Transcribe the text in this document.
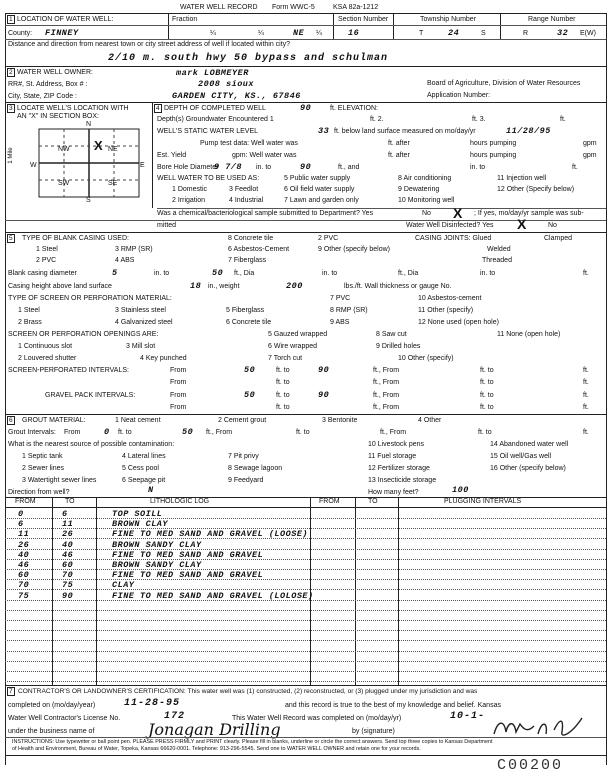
WATER WELL RECORD Form WWC-5	KSA 82a-1212
1 LOCATION OF WATER WELL:	Fraction	Section Number	Township Number	Range Number
County: FINNEY	¼	¼	NE ¼	16	T	24	S	R	32 E(W)
Distance and direction from nearest town or city street address of well if located within city?
2/10 m. south hwy 50 bypass and schulman
2 WATER WELL OWNER:	mark LOBMEYER
RR#, St. Address, Box # :	2008 sioux	Board of Agriculture, Division of Water Resources
City, State, ZIP Code :	GARDEN CITY, KS., 67846	Application Number:
3 LOCATE WELL'S LOCATION WITH
AN "X" IN SECTION BOX:
N
S
W	E
1 Mile	NW	NE
SW	SE
X
4 DEPTH OF COMPLETED WELL	90	ft. ELEVATION:
Depth(s) Groundwater Encountered 1	ft. 2.	ft. 3.	ft.
WELL'S STATIC WATER LEVEL	33 ft. below land surface measured on mo/day/yr	11/28/95
Pump test data: Well water was	ft. after	hours pumping	gpm
Est. Yield	gpm: Well water was	ft. after	hours pumping	gpm
Bore Hole Diameter
9 7/8 in. to	90	ft., and	in. to	ft.
WELL WATER TO BE USED AS:	5 Public water supply	8 Air conditioning	11 Injection well
1 Domestic	3 Feedlot	6 Oil field water supply	9 Dewatering	12 Other (Specify below)
2 Irrigation	4 Industrial	7 Lawn and garden only	10 Monitoring well
Was a chemical/bacteriological sample submitted to Department? Yes	No X ; If yes, mo/day/yr sample was sub-
mitted	Water Well Disinfected? Yes X	No
5 TYPE OF BLANK CASING USED:	8 Concrete tile	2 PVC	CASING JOINTS: Glued	Clamped
1 Steel	3 RMP (SR)	6 Asbestos-Cement	9 Other (specify below)	Welded
2 PVC	4 ABS	7 Fiberglass	Threaded
Blank casing diameter	5	in. to	50 ft., Dia	in. to	ft., Dia	in. to	ft.
Casing height above land surface	18 in., weight	200	lbs./ft. Wall thickness or gauge No.
TYPE OF SCREEN OR PERFORATION MATERIAL:	7 PVC	10 Asbestos-cement
1 Steel	3 Stainless steel	5 Fiberglass	8 RMP (SR)	11 Other (specify)
2 Brass	4 Galvanized steel	6 Concrete tile	9 ABS	12 None used (open hole)
SCREEN OR PERFORATION OPENINGS ARE:	5 Gauzed wrapped	8 Saw cut	11 None (open hole)
1 Continuous slot	3 Mill slot	6 Wire wrapped	9 Drilled holes
2 Louvered shutter	4 Key punched	7 Torch cut	10 Other (specify)
SCREEN-PERFORATED INTERVALS:	From	50	ft. to	90	ft., From	ft. to	ft.
From	ft. to	ft., From	ft. to	ft.
GRAVEL PACK INTERVALS:	From	50	ft. to	90	ft., From	ft. to	ft.
From	ft. to	ft., From	ft. to	ft.
6 GROUT MATERIAL:	1 Neat cement	2 Cement grout	3 Bentonite	4 Other
Grout Intervals: From	0 ft. to	50 ft., From	ft. to	ft., From	ft. to	ft.
What is the nearest source of possible contamination:	10 Livestock pens	14 Abandoned water well
1 Septic tank	4 Lateral lines	7 Pit privy	11 Fuel storage	15 Oil well/Gas well
2 Sewer lines	5 Cess pool	8 Sewage lagoon	12 Fertilizer storage	16 Other (specify below)
3 Watertight sewer lines	6 Seepage pit	9 Feedyard	13 Insecticide storage
Direction from well?	N	How many feet?	100
FROM	TO	LITHOLOGIC LOG	FROM	TO	PLUGGING INTERVALS
0	6	TOP SOILL
6	11	BROWN CLAY
11	26	FINE TO MED SAND AND GRAVEL (LOOSE)
26	40	BROWN SANDY CLAY
40	46	FINE TO MED SAND AND GRAVEL
46	60	BROWN SANDY CLAY
60	70	FINE TO MED SAND AND GRAVEL
70	75	CLAY
75	90	FINE TO MED SAND AND GRAVEL (LOLOSE)
7 CONTRACTOR'S OR LANDOWNER'S CERTIFICATION: This water well was (1) constructed, (2) reconstructed, or (3) plugged under my jurisdiction and was
completed on (mo/day/year)	11-28-95	and this record is true to the best of my knowledge and belief. Kansas
Water Well Contractor's License No.	172	This Water Well Record was completed on (mo/day/yr)	10-1-
under the business name of	Jonagan Drilling	by (signature)
INSTRUCTIONS: Use typewriter or ball point pen. PLEASE PRESS FIRMLY and PRINT clearly. Please fill in blanks, underline or circle the correct answers. Send top three copies to Kansas Department
of Health and Environment, Bureau of Water, Topeka, Kansas 66620-0001. Telephone: 913-296-5545. Send one to WATER WELL OWNER and retain one for your records.
C00200
